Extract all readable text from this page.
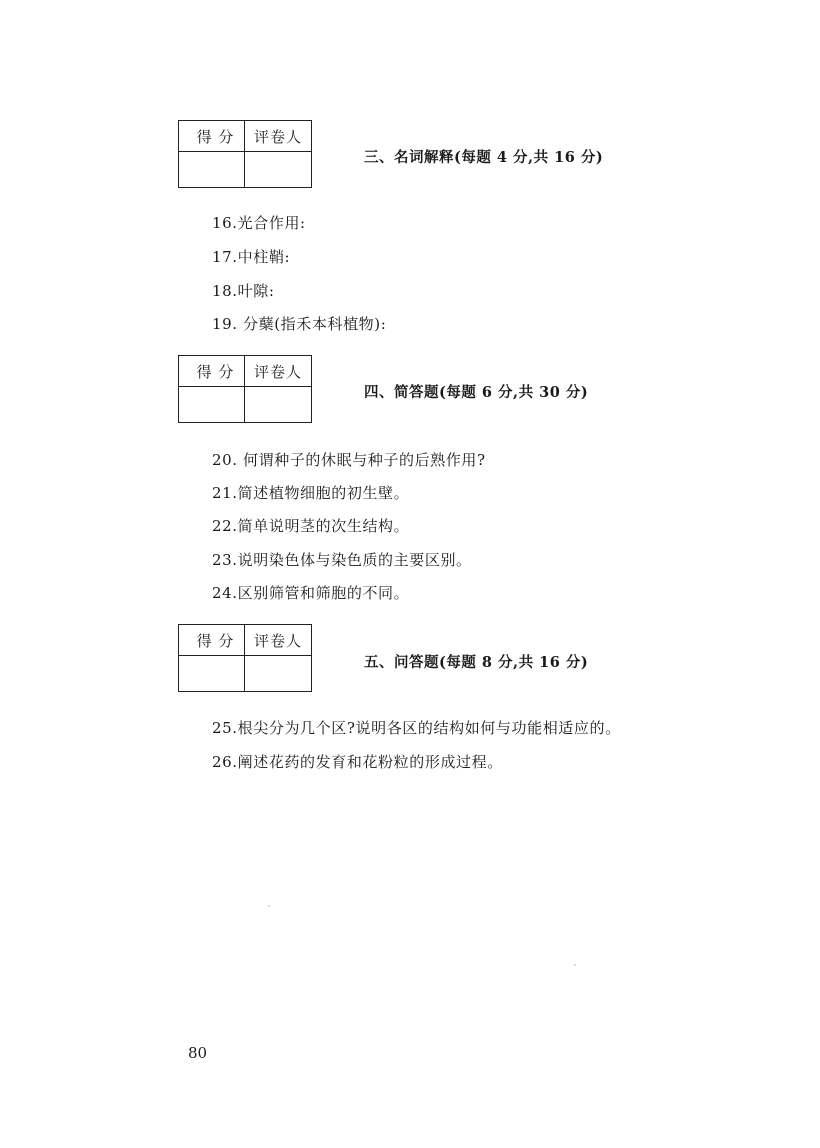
得 分	评卷人
三、名词解释(每题 4 分,共 16 分)
16.光合作用:
17.中柱鞘:
18.叶隙:
19. 分蘖(指禾本科植物):
得 分	评卷人
四、简答题(每题 6 分,共 30 分)
20. 何谓种子的休眠与种子的后熟作用?
21.简述植物细胞的初生壁。
22.简单说明茎的次生结构。
23.说明染色体与染色质的主要区别。
24.区别筛管和筛胞的不同。
得 分	评卷人
五、问答题(每题 8 分,共 16 分)
25.根尖分为几个区?说明各区的结构如何与功能相适应的。
26.阐述花药的发育和花粉粒的形成过程。
80
